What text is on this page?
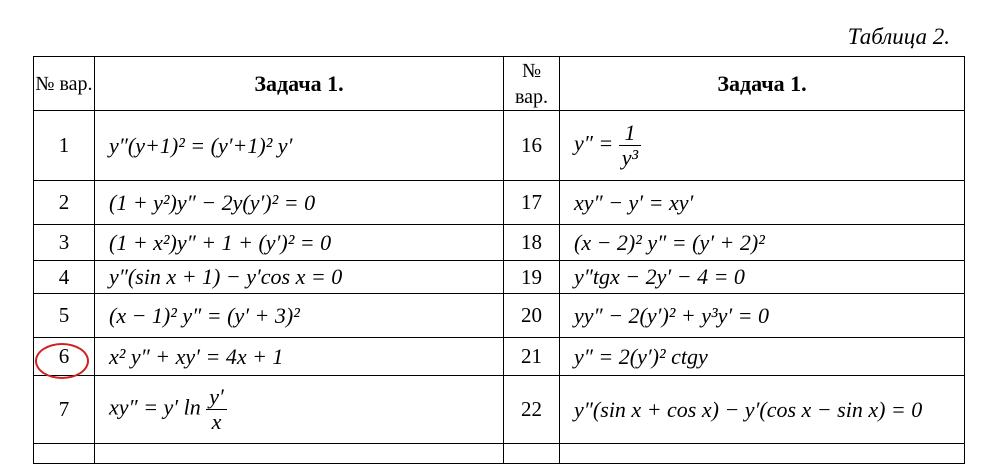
Таблица 2.
№ вар.	Задача 1.	№ вар.	Задача 1.
1	y″(y+1)² = (y′+1)² y′	16	$y'' = \frac{1}{\text{y³}}$

2	(1 + y²)y″ − 2y(y′)² = 0	17	xy″ − y′ = xy′
3	(1 + x²)y″ + 1 + (y′)² = 0	18	(x − 2)² y″ = (y′ + 2)²
4	y″(sin x + 1) − y′cos x = 0	19	y″tgx − 2y′ − 4 = 0
5	(x − 1)² y″ = (y′ + 3)²	20	yy″ − 2(y′)² + y³y′ = 0
6	x² y″ + xy′ = 4x + 1	21	y″ = 2(y′)² ctgy
7	xy″ = y′ $\ln \frac{y'}{x}$	22	y″(sin x + cos x) − y′(cos x − sin x) = 0
